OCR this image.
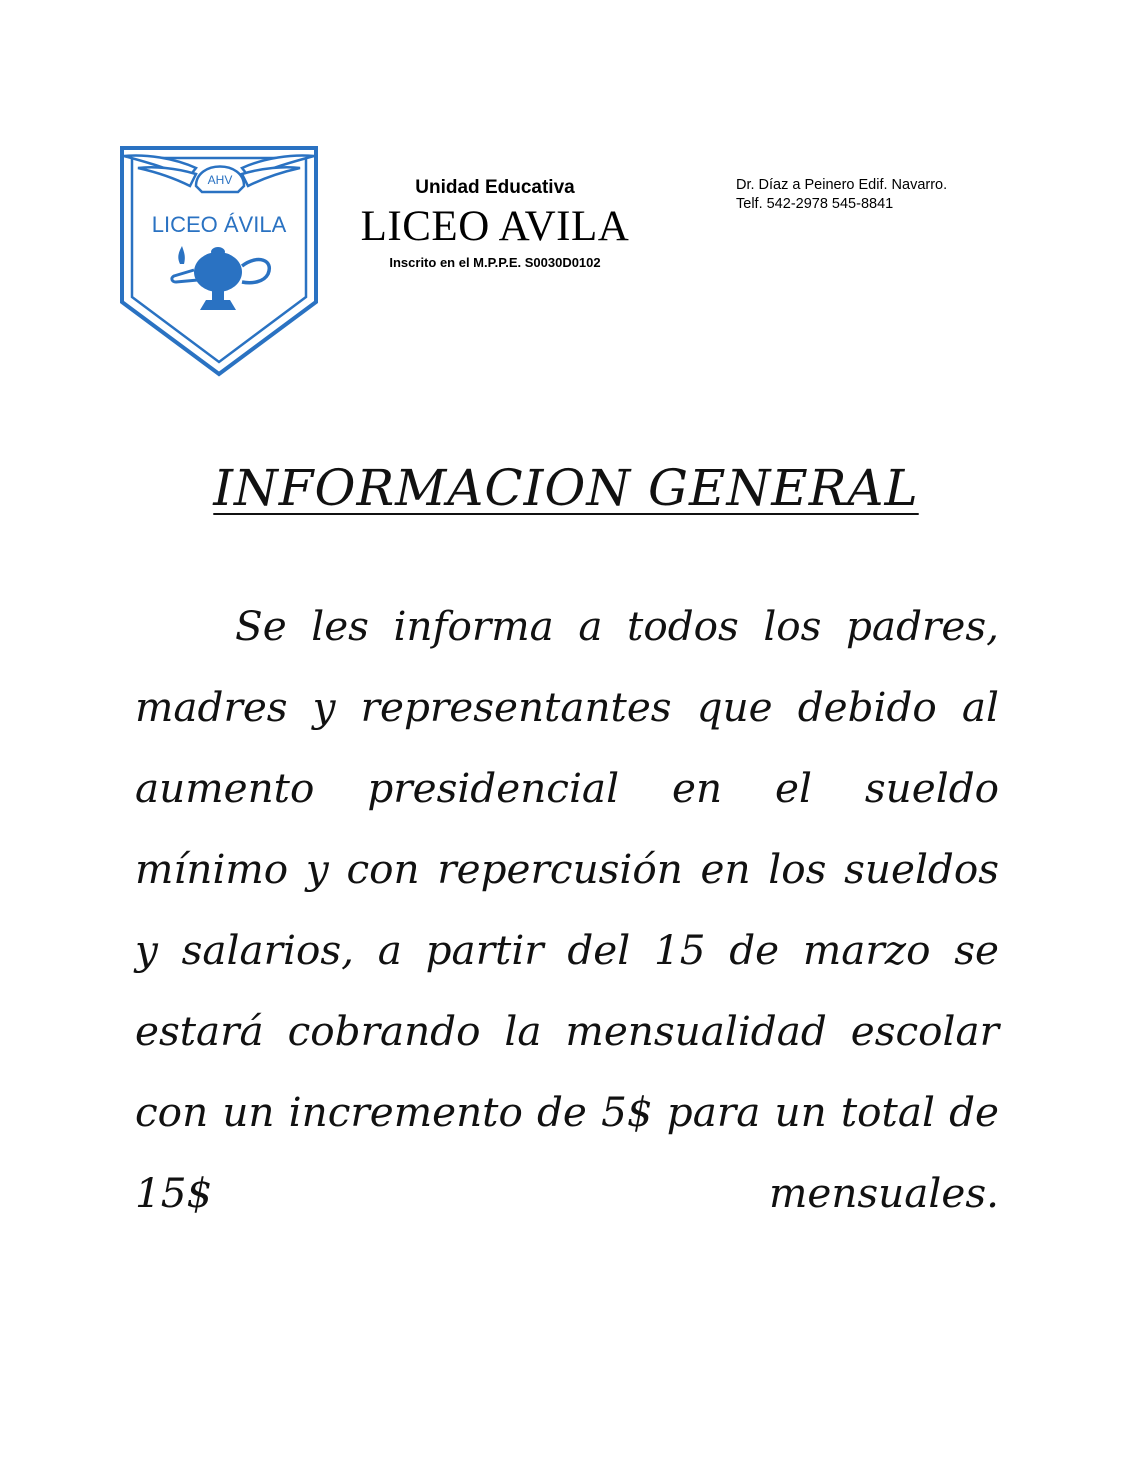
AHV
LICEO ÁVILA
Unidad Educativa
LICEO AVILA
Inscrito en el M.P.P.E. S0030D0102
Dr. Díaz a Peinero Edif. Navarro.
Telf. 542-2978 545-8841
INFORMACION GENERAL

Se les informa a todos los padres, madres y representantes que debido al aumento presidencial en el sueldo mínimo y con repercusión en los sueldos y salarios, a partir del 15 de marzo se estará cobrando la mensualidad escolar con un incremento de 5$ para un total de 15$ mensuales.
